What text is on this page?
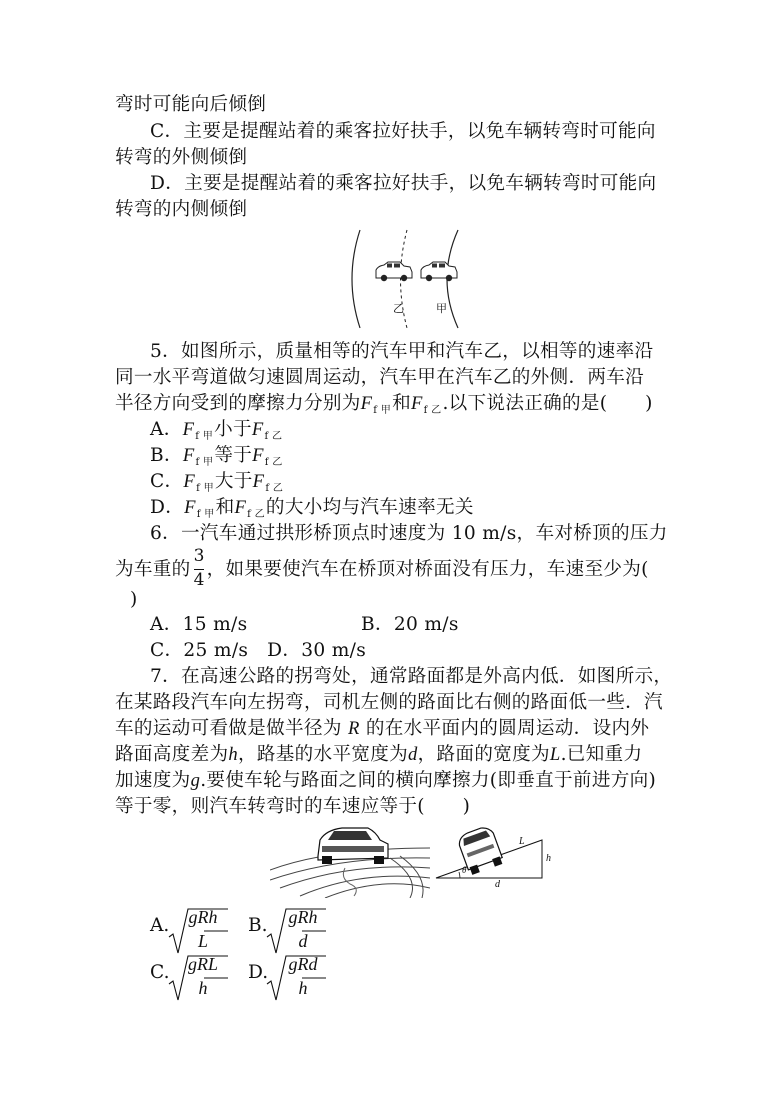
弯时可能向后倾倒
C．主要是提醒站着的乘客拉好扶手，以免车辆转弯时可能向
转弯的外侧倾倒
D．主要是提醒站着的乘客拉好扶手，以免车辆转弯时可能向
转弯的内侧倾倒
乙	甲
5．如图所示，质量相等的汽车甲和汽车乙，以相等的速率沿
同一水平弯道做匀速圆周运动，汽车甲在汽车乙的外侧．两车沿
半径方向受到的摩擦力分别为$F_{f 甲}$和$F_{f 乙}$.以下说法正确的是(　　)
A．$F_{f 甲}$小于$F_{f 乙}$
B．$F_{f 甲}$等于$F_{f 乙}$
C．$F_{f 甲}$大于$F_{f 乙}$
D．$F_{f 甲}$和$F_{f 乙}$的大小均与汽车速率无关
6．一汽车通过拱形桥顶点时速度为 10 m/s，车对桥顶的压力
为车重的 $\frac{3}{4}$ ，如果要使汽车在桥顶对桥面没有压力，车速至少为(
)
A．15 m/s	B．20 m/s
C．25 m/s　D．30 m/s
7．在高速公路的拐弯处，通常路面都是外高内低．如图所示，
在某路段汽车向左拐弯，司机左侧的路面比右侧的路面低一些．汽
车的运动可看做是做半径为 R 的在水平面内的圆周运动．设内外
路面高度差为h，路基的水平宽度为d，路面的宽度为L.已知重力
加速度为g.要使车轮与路面之间的横向摩擦力(即垂直于前进方向)
等于零，则汽车转弯时的车速应等于(　　)
L
h
d
θ
A.	gRh
L
B.	gRh
d
C.	gRL
h
D.	gRd
h
